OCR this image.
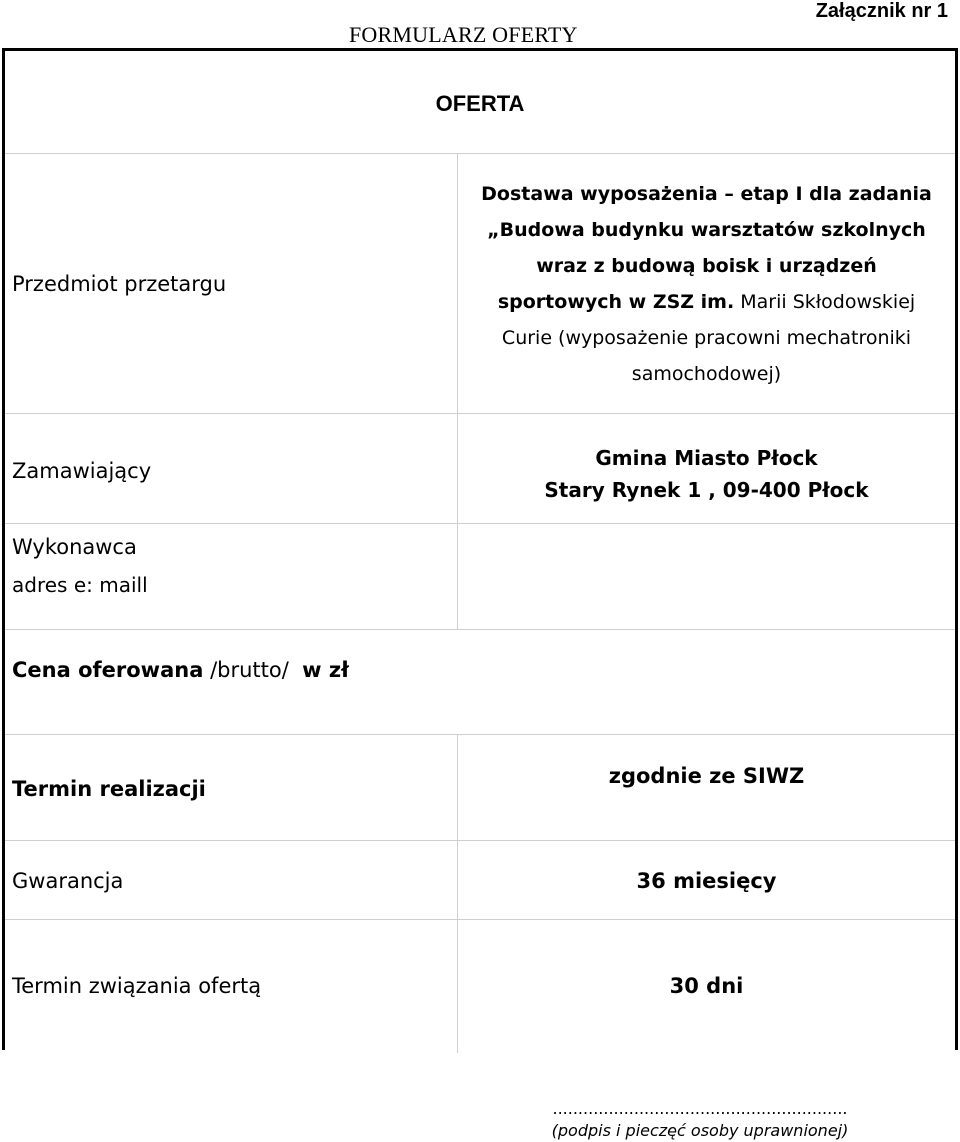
FORMULARZ OFERTY
Załącznik nr 1
OFERTA
Przedmiot przetargu

Dostawa wyposażenia – etap I dla zadania

„Budowa budynku warsztatów szkolnych

wraz z budową boisk i urządzeń

sportowych w ZSZ im. Marii Skłodowskiej

Curie (wyposażenie pracowni mechatroniki

samochodowej)

Zamawiający
Gmina Miasto Płock
Stary Rynek 1 , 09-400 Płock
Wykonawca
adres e: maill
Cena oferowana /brutto/ w zł
Termin realizacji
zgodnie ze SIWZ
Gwarancja	36 miesięcy
Termin związania ofertą	30 dni
..........................................................
(podpis i pieczęć osoby uprawnionej)
